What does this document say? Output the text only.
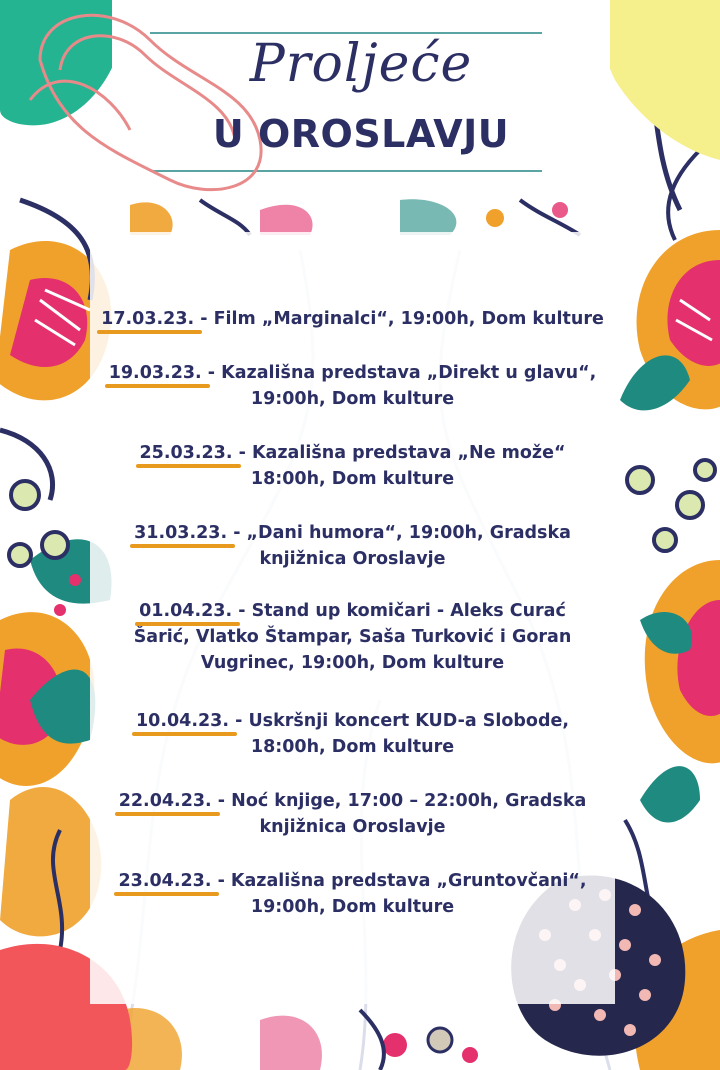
Proljeće
U OROSLAVJU
17.03.23. - Film „Marginalci“, 19:00h, Dom kulture
19.03.23. - Kazališna predstava „Direkt u glavu“,
19:00h, Dom kulture
25.03.23. - Kazališna predstava „Ne može“
18:00h, Dom kulture
31.03.23. - „Dani humora“, 19:00h, Gradska
knjižnica Oroslavje
01.04.23. - Stand up komičari - Aleks Curać
Šarić, Vlatko Štampar, Saša Turković i Goran
Vugrinec, 19:00h, Dom kulture
10.04.23. - Uskršnji koncert KUD-a Slobode,
18:00h, Dom kulture
22.04.23. - Noć knjige, 17:00 – 22:00h, Gradska
knjižnica Oroslavje
23.04.23. - Kazališna predstava „Gruntovčani“,
19:00h, Dom kulture
